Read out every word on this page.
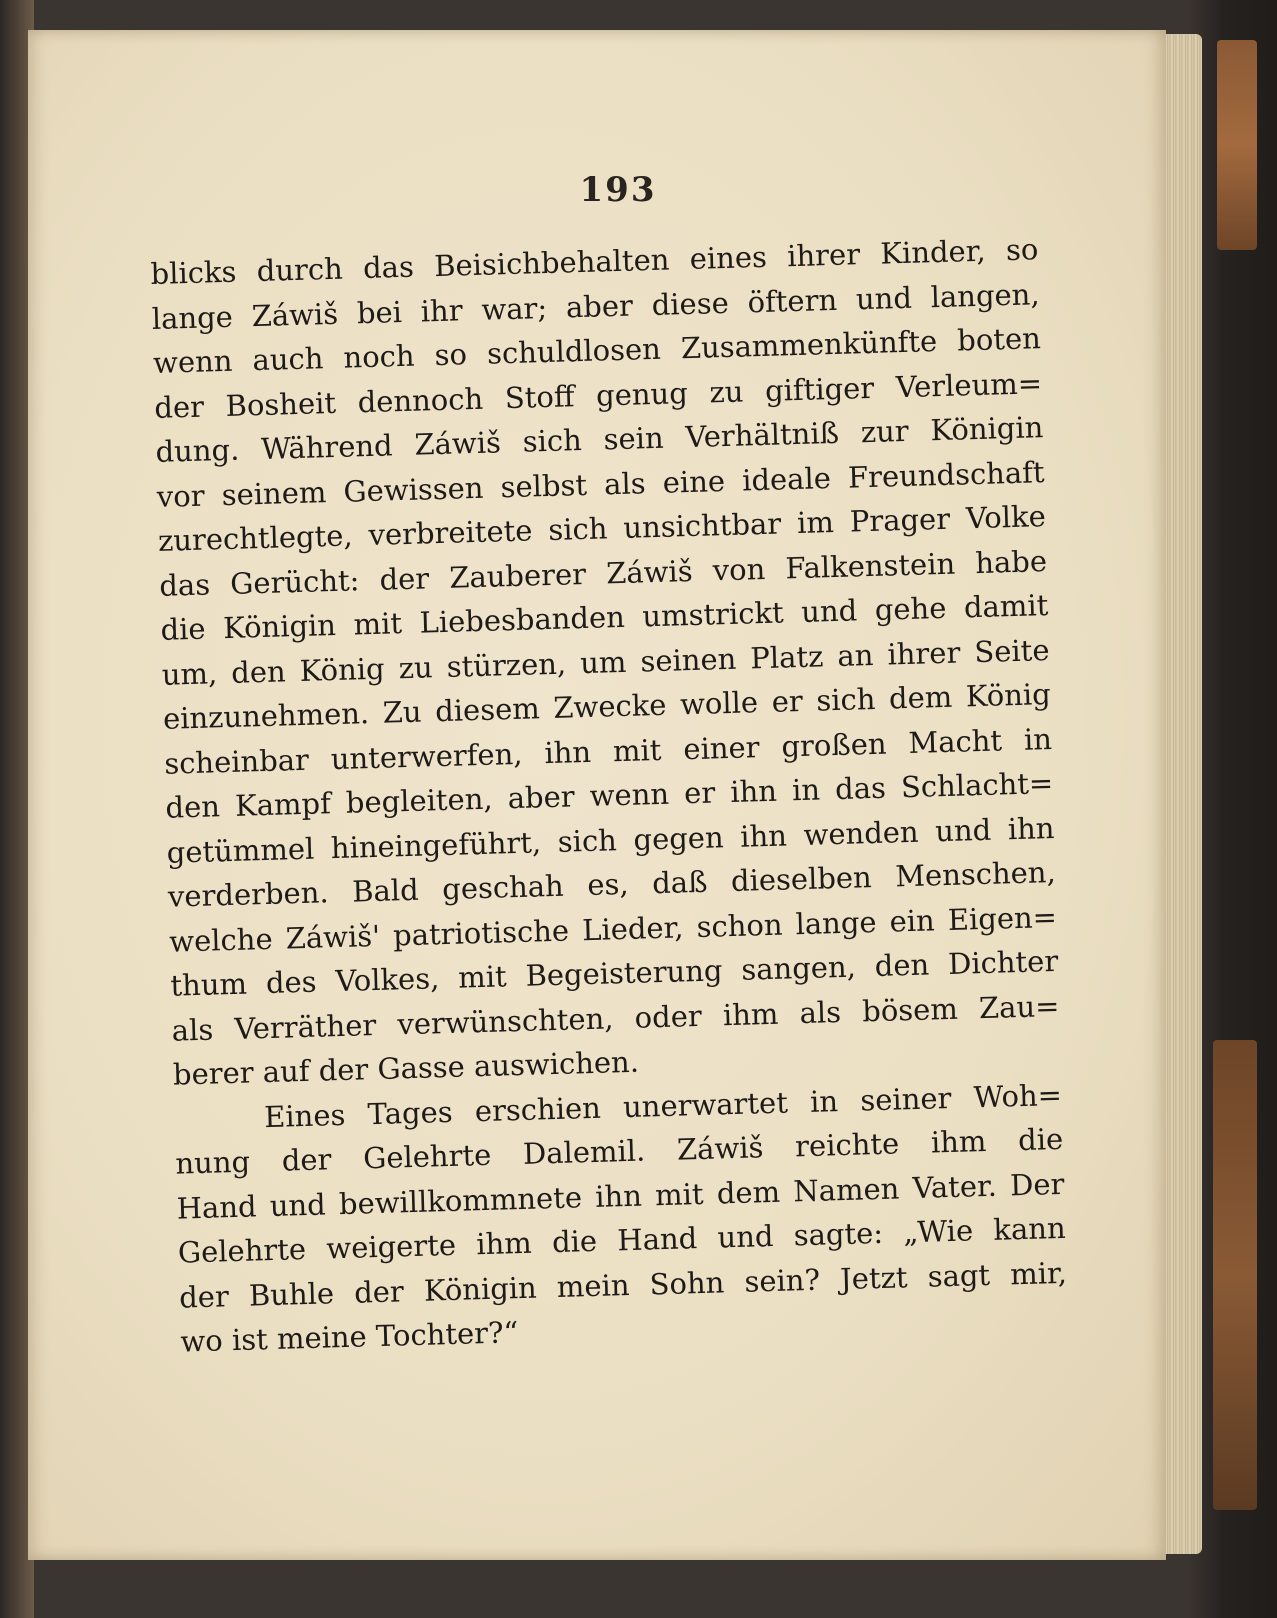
193
blicks durch das Beisichbehalten eines ihrer Kinder, so
lange Záwiš bei ihr war; aber diese öftern und langen,
wenn auch noch so schuldlosen Zusammenkünfte boten
der Bosheit dennoch Stoff genug zu giftiger Verleum=
dung. Während Záwiš sich sein Verhältniß zur Königin
vor seinem Gewissen selbst als eine ideale Freundschaft
zurechtlegte, verbreitete sich unsichtbar im Prager Volke
das Gerücht: der Zauberer Záwiš von Falkenstein habe
die Königin mit Liebesbanden umstrickt und gehe damit
um, den König zu stürzen, um seinen Platz an ihrer Seite
einzunehmen. Zu diesem Zwecke wolle er sich dem König
scheinbar unterwerfen, ihn mit einer großen Macht in
den Kampf begleiten, aber wenn er ihn in das Schlacht=
getümmel hineingeführt, sich gegen ihn wenden und ihn
verderben. Bald geschah es, daß dieselben Menschen,
welche Záwiš' patriotische Lieder, schon lange ein Eigen=
thum des Volkes, mit Begeisterung sangen, den Dichter
als Verräther verwünschten, oder ihm als bösem Zau=
berer auf der Gasse auswichen.
Eines Tages erschien unerwartet in seiner Woh=
nung der Gelehrte Dalemil. Záwiš reichte ihm die
Hand und bewillkommnete ihn mit dem Namen Vater. Der
Gelehrte weigerte ihm die Hand und sagte: „Wie kann
der Buhle der Königin mein Sohn sein? Jetzt sagt mir,
wo ist meine Tochter?“
